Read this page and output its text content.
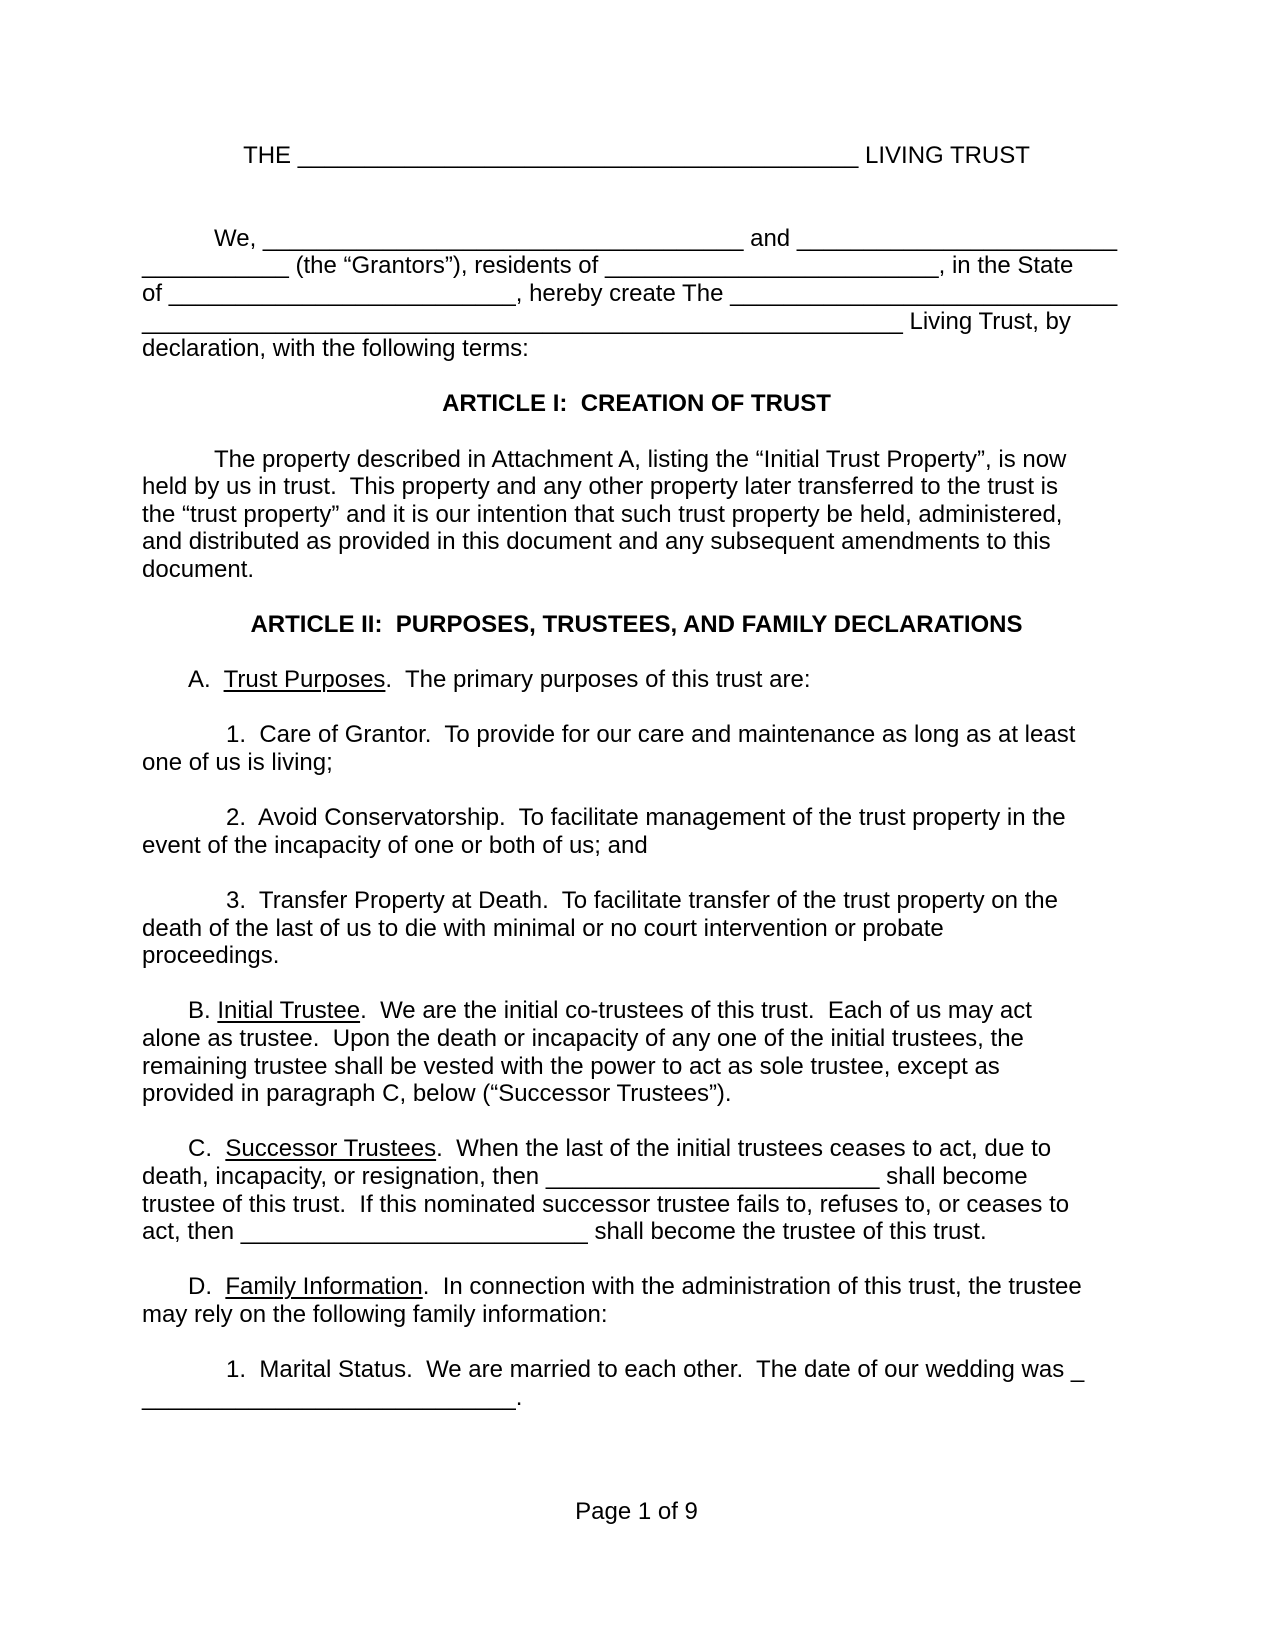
THE __________________________________________ LIVING TRUST
We, ____________________________________ and ________________________
___________ (the “Grantors”), residents of _________________________, in the State
of __________________________, hereby create The _____________________________
_________________________________________________________ Living Trust, by
declaration, with the following terms:
ARTICLE I:  CREATION OF TRUST
The property described in Attachment A, listing the “Initial Trust Property”, is now
held by us in trust.  This property and any other property later transferred to the trust is
the “trust property” and it is our intention that such trust property be held, administered,
and distributed as provided in this document and any subsequent amendments to this
document.
ARTICLE II:  PURPOSES, TRUSTEES, AND FAMILY DECLARATIONS
A.  Trust Purposes.  The primary purposes of this trust are:
1.  Care of Grantor.  To provide for our care and maintenance as long as at least
one of us is living;
2.  Avoid Conservatorship.  To facilitate management of the trust property in the
event of the incapacity of one or both of us; and
3.  Transfer Property at Death.  To facilitate transfer of the trust property on the
death of the last of us to die with minimal or no court intervention or probate
proceedings.
B. Initial Trustee.  We are the initial co-trustees of this trust.  Each of us may act
alone as trustee.  Upon the death or incapacity of any one of the initial trustees, the
remaining trustee shall be vested with the power to act as sole trustee, except as
provided in paragraph C, below (“Successor Trustees”).
C.  Successor Trustees.  When the last of the initial trustees ceases to act, due to
death, incapacity, or resignation, then _________________________ shall become
trustee of this trust.  If this nominated successor trustee fails to, refuses to, or ceases to
act, then __________________________ shall become the trustee of this trust.
D.  Family Information.  In connection with the administration of this trust, the trustee
may rely on the following family information:
1.  Marital Status.  We are married to each other.  The date of our wedding was _
____________________________.
Page 1 of 9
